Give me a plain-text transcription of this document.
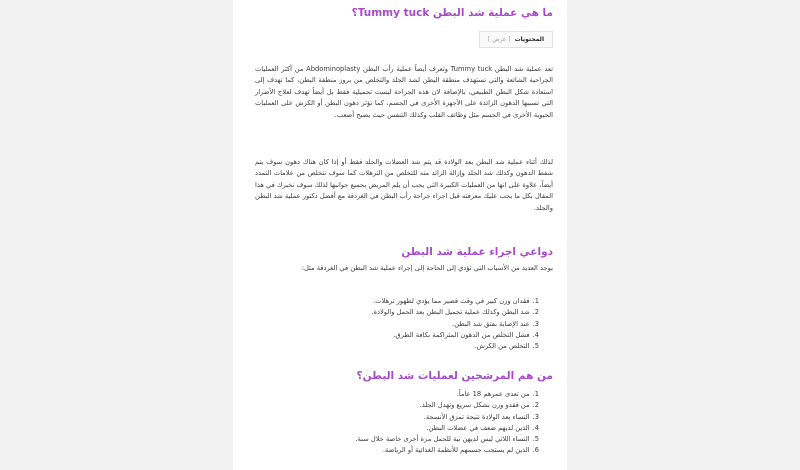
ما هي عملية شد البطن Tummy tuck؟
المحتويات
[ عرض ]

تعد عملية شد البطن Tummy tuck وتعرف أيضاً عملية رأب البطن Abdominoplasty من أكثر العمليات الجراحية الشائعة والتي تستهدف منطقة البطن لشد الجلد والتخلص من بروز منطقة البطن، كما تهدف إلى استعادة شكل البطن الطبيعي، بالإضافة لان هذه الجراحة ليست تجميلية فقط بل أيضاً تهدف لعلاج الأضرار التي تسببها الدهون الزائدة على الأجهزة الأخرى في الجسم، كما تؤثر دهون البطن أو الكرش على العمليات الحيوية الأخرى في الجسم مثل وظائف القلب وكذلك التنفس حيث يصبح أصعب.

لذلك أثناء عملية شد البطن بعد الولادة قد يتم شد العضلات والجلد فقط أو إذا كان هناك دهون سوف يتم شفط الدهون وكذلك شد الجلد وإزالة الزائد منه للتخلص من الترهلات كما سوف نتخلص من علامات التمدد أيضاً، علاوة على انها من العمليات الكبيرة التي يجب أن يلم المريض بجميع جوانبها لذلك سوف نخبرك في هذا المقال بكل ما يجب عليك معرفته قبل اجراء جراحة رأب البطن في الغردقة مع أفضل دكتور عملية شد البطن والجلد.

دواعي اجراء عملية شد البطن

يوجد العديد من الأسباب التي تؤدي إلى الحاجة إلى إجراء عملية شد البطن في الغردقة مثل:

1.فقدان وزن كبير في وقت قصير مما يؤدي لظهور ترهلات.
2.شد البطن وكذلك عملية تجميل البطن بعد الحمل والولادة.
3.عند الإصابة بفتق شد البطن.
4.فشل التخلص من الدهون المتراكمة بكافة الطرق.
5.التخلص من الكرش.
من هم المرشحين لعمليات شد البطن؟
1.من تعدى عمرهم 18 عاماً.
2.من فقدو وزن بشكل سريع وتهدل الجلد.
3.النساء بعد الولادة نتيجة تمزق الأنسجة.
4.الذين لديهم ضعف في عضلات البطن.
5.النساء اللاتي ليس لديهن نية للحمل مرة أخرى خاصة خلال سنة.
6.الذين لم يستجب جسمهم للأنظمة الغذائية أو الرياضة.
